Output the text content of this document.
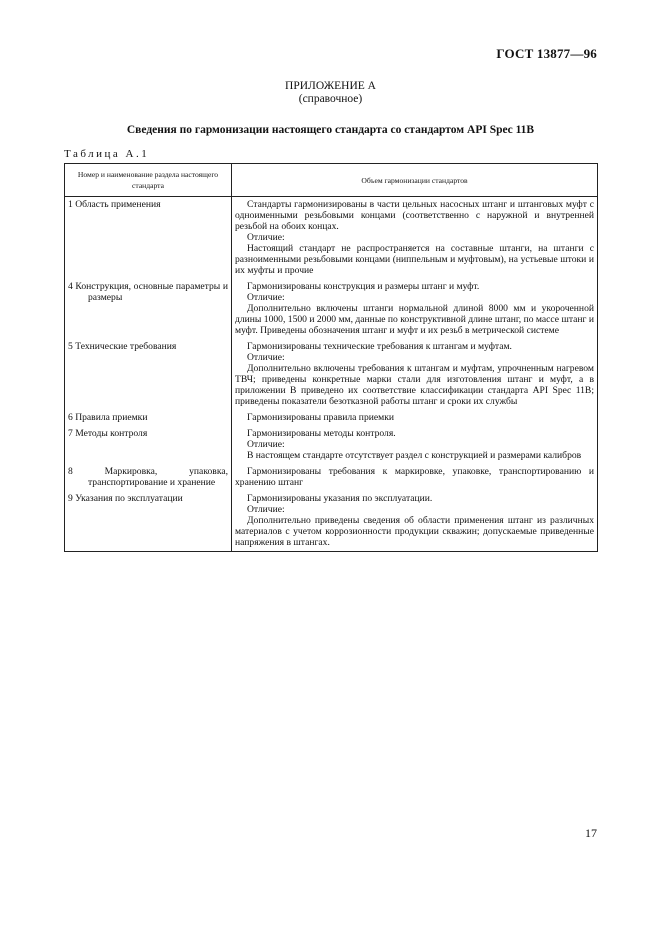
ГОСТ 13877—96
ПРИЛОЖЕНИЕ А
(справочное)
Сведения по гармонизации настоящего стандарта со стандартом API Spec 11B
Таблица А.1
Номер и наименование раздела настоящего стандарта	Объем гармонизации стандартов

1 Область применения	Стандарты гармонизированы в части цельных насосных штанг и штанговых муфт с одноименными резьбовыми концами (соответственно с наружной и внутренней резьбой на обоих концах.

Отличие:

Настоящий стандарт не распространяется на составные штанги, на штанги с разноименными резьбовыми концами (ниппельным и муфтовым), на устьевые штоки и их муфты и прочие

4 Конструкция, основные параметры и размеры	Гармонизированы конструкция и размеры штанг и муфт.

Отличие:

Дополнительно включены штанги нормальной длиной 8000 мм и укороченной длины 1000, 1500 и 2000 мм, данные по конструктивной длине штанг, по массе штанг и муфт. Приведены обозначения штанг и муфт и их резьб в метрической системе

5 Технические требования	Гармонизированы технические требования к штангам и муфтам.

Отличие:

Дополнительно включены требования к штангам и муфтам, упрочненным нагревом ТВЧ; приведены конкретные марки стали для изготовления штанг и муфт, а в приложении В приведено их соответствие классификации стандарта API Spec 11B; приведены показатели безотказной работы штанг и сроки их службы

6 Правила приемки	Гармонизированы правила приемки

7 Методы контроля	Гармонизированы методы контроля.

Отличие:

В настоящем стандарте отсутствует раздел с конструкцией и размерами калибров

8 Маркировка, упаковка, транспортирование и хранение	Гармонизированы требования к маркировке, упаковке, транспортированию и хранению штанг

9 Указания по эксплуатации	Гармонизированы указания по эксплуатации.

Отличие:

Дополнительно приведены сведения об области применения штанг из различных материалов с учетом коррозионности продукции скважин; допускаемые приведенные напряжения в штангах.

17
